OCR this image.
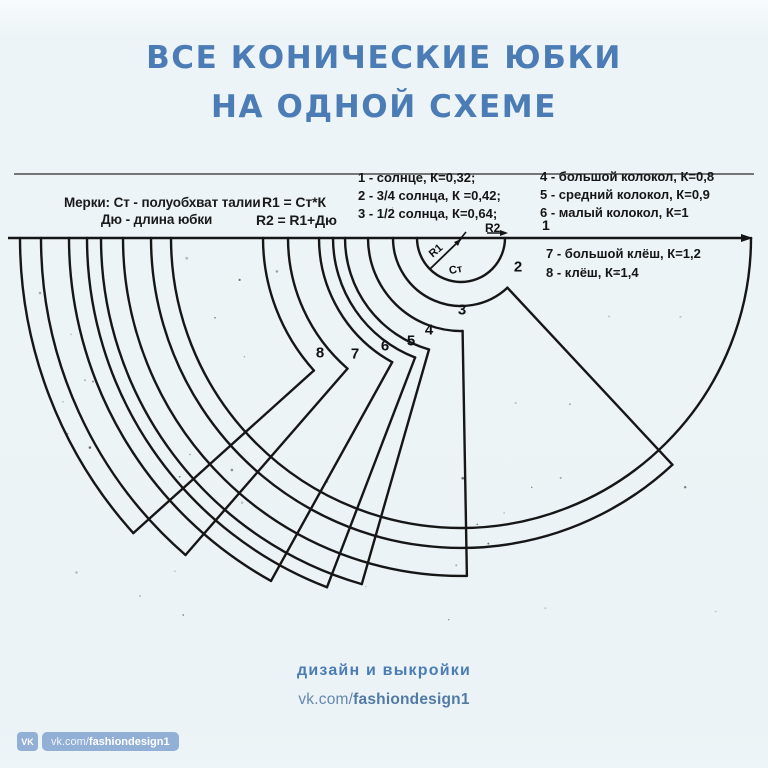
ВСЕ КОНИЧЕСКИЕ ЮБКИ
НА ОДНОЙ СХЕМЕ
Мерки: Ст - полуобхват талии
Дю - длина юбки
R1 = Ст*К
R2 = R1+Дю
1 - солнце, К=0,32;
2 - 3/4 солнца, К =0,42;
3 - 1/2 солнца, К=0,64;
4 - большой колокол, К=0,8
5 - средний колокол, К=0,9
6 - малый колокол, К=1
7 - большой клёш, К=1,2
8 - клёш, К=1,4
2
3
4
5
6
7
8
1
R2
R1
Ст
дизайн и выкройки
vk.com/fashiondesign1
VK	vk.com/ fashiondesign1
